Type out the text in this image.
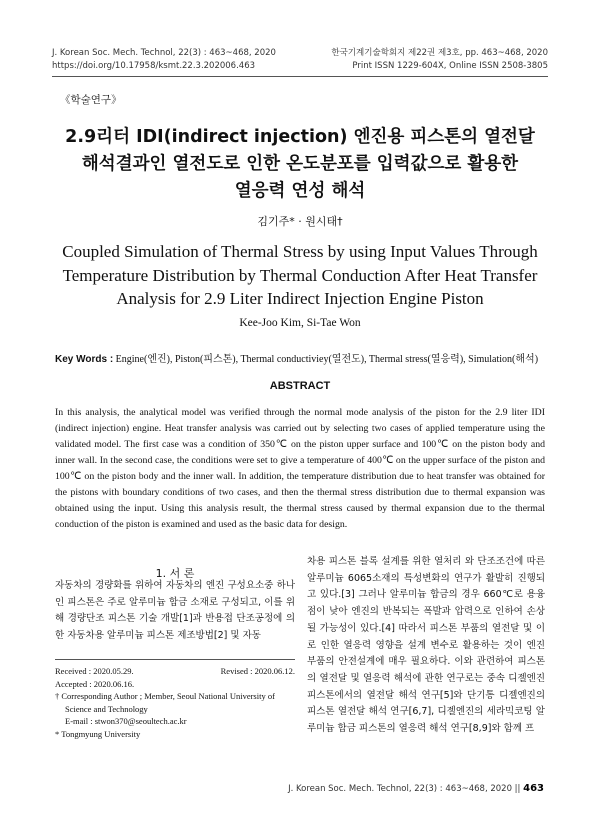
J. Korean Soc. Mech. Technol, 22(3) : 463~468, 2020
https://doi.org/10.17958/ksmt.22.3.202006.463
한국기계기술학회지 제22권 제3호, pp. 463~468, 2020
Print ISSN 1229-604X, Online ISSN 2508-3805
《학술연구》
2.9리터 IDI(indirect injection) 엔진용 피스톤의 열전달
해석결과인 열전도로 인한 온도분포를 입력값으로 활용한
열응력 연성 해석
김기주* · 원시태†
Coupled Simulation of Thermal Stress by using Input Values Through
Temperature Distribution by Thermal Conduction After Heat Transfer
Analysis for 2.9 Liter Indirect Injection Engine Piston
Kee-Joo Kim, Si-Tae Won
Key Words : Engine(엔진), Piston(피스톤), Thermal conductiviey(열전도), Thermal stress(열응력), Simulation(해석)
ABSTRACT
In this analysis, the analytical model was verified through the normal mode analysis of the piston for the 2.9 liter IDI (indirect injection) engine. Heat transfer analysis was carried out by selecting two cases of applied temperature using the validated model. The first case was a condition of 350℃ on the piston upper surface and 100℃ on the piston body and inner wall. In the second case, the conditions were set to give a temperature of 400℃ on the upper surface of the piston and 100℃ on the piston body and the inner wall. In addition, the temperature distribution due to heat transfer was obtained for the pistons with boundary conditions of two cases, and then the thermal stress distribution due to thermal expansion was obtained using the input. Using this analysis result, the thermal stress caused by thermal expansion due to the thermal conduction of the piston is examined and used as the basic data for design.
1. 서 론
자동차의 경량화를 위하여 자동차의 엔진 구성요소중 하나인 피스톤은 주로 알루미늄 합금 소재로 구성되고, 이를 위해 경량단조 피스톤 기술 개발[1]과 반용접 단조공정에 의한 자동차용 알루미늄 피스톤 제조방법[2] 및 자동
차용 피스톤 블록 설계를 위한 열처리 와 단조조건에 따른 알루미늄 6065소재의 특성변화의 연구가 활발히 진행되고 있다.[3] 그러나 알루미늄 합금의 경우 660℃로 용융점이 낮아 엔진의 반복되는 폭발과 압력으로 인하여 손상될 가능성이 있다.[4] 따라서 피스톤 부품의 열전달 및 이로 인한 열응력 영향을 설계 변수로 활용하는 것이 엔진 부품의 안전설계에 매우 필요하다. 이와 관련하여 피스톤의 열전달 및 열응력 해석에 관한 연구로는 중속 디젤엔진 피스톤에서의 열전달 해석 연구[5]와 단기통 디젤엔진의 피스톤 열전달 해석 연구[6,7], 디젤엔진의 세라믹코팅 알루미늄 합금 피스톤의 열응력 해석 연구[8,9]와 함께 프
Received : 2020.05.29.	Revised : 2020.06.12.
Accepted : 2020.06.16.
† Corresponding Author ; Member, Seoul National University of
Science and Technology
E-mail : stwon370@seoultech.ac.kr
* Tongmyung University
J. Korean Soc. Mech. Technol, 22(3) : 463~468, 2020 || 463
